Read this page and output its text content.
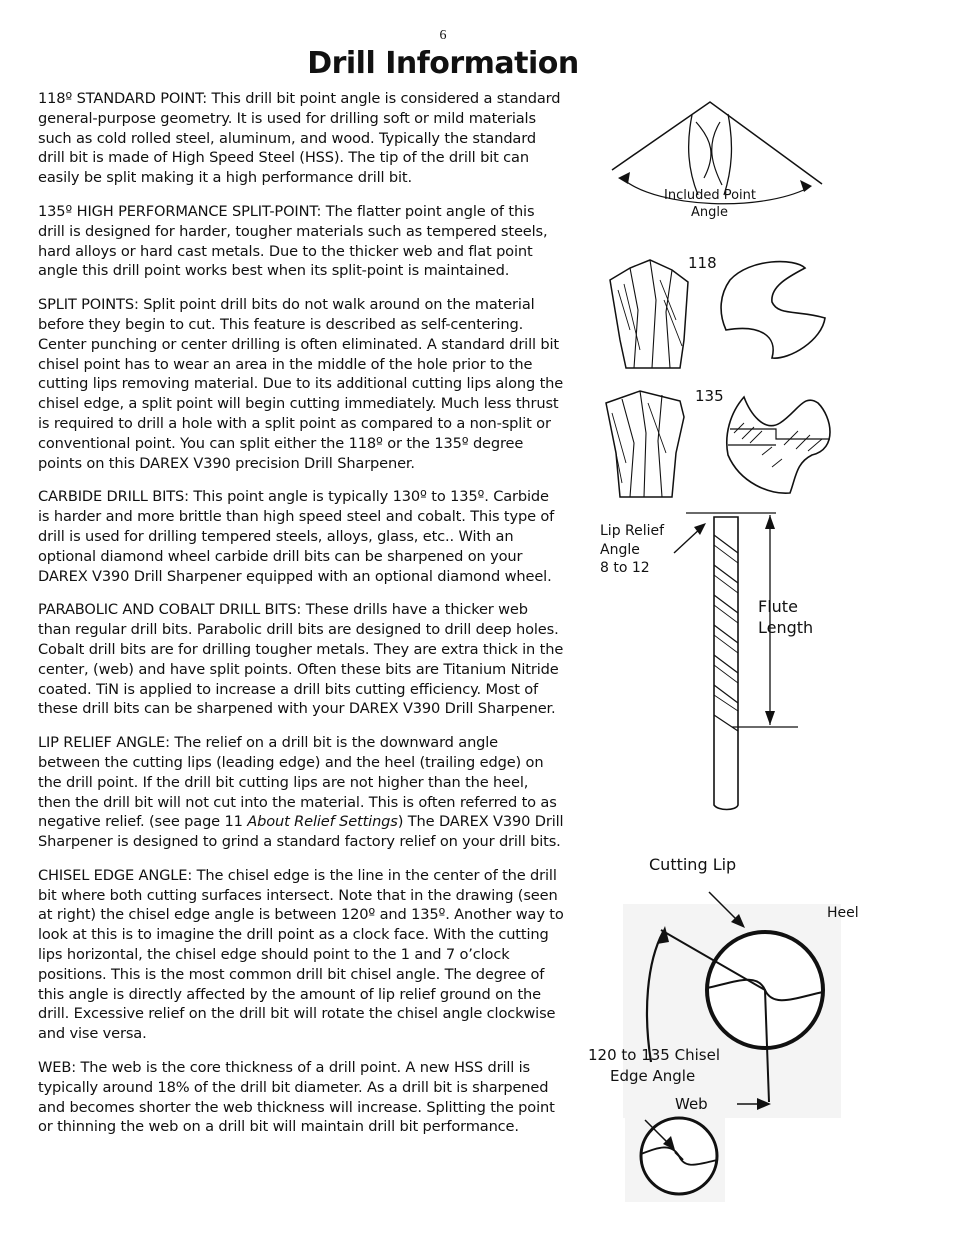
6
Drill Information

118º STANDARD POINT: This drill bit point angle is considered a standard general-purpose geometry. It is used for drilling soft or mild materials such as cold rolled steel, aluminum, and wood. Typically the standard drill bit is made of High Speed Steel (HSS). The tip of the drill bit can easily be split making it a high performance drill bit.

135º HIGH PERFORMANCE SPLIT-POINT: The flatter point angle of this drill is designed for harder, tougher materials such as tempered steels, hard alloys or hard cast metals. Due to the thicker web and flat point angle this drill point works best when its split-point is maintained.

SPLIT POINTS: Split point drill bits do not walk around on the material before they begin to cut. This feature is described as self-centering. Center punching or center drilling is often eliminated. A standard drill bit chisel point has to wear an area in the middle of the hole prior to the cutting lips removing material. Due to its additional cutting lips along the chisel edge, a split point will begin cutting immediately. Much less thrust is required to drill a hole with a split point as compared to a non-split or conventional point. You can split either the 118º or the 135º degree points on this DAREX V390 precision Drill Sharpener.

CARBIDE DRILL BITS: This point angle is typically 130º to 135º. Carbide is harder and more brittle than high speed steel and cobalt. This type of drill is used for drilling tempered steels, alloys, glass, etc.. With an optional diamond wheel carbide drill bits can be sharpened on your DAREX V390 Drill Sharpener equipped with an optional diamond wheel.

PARABOLIC AND COBALT DRILL BITS: These drills have a thicker web than regular drill bits. Parabolic drill bits are designed to drill deep holes. Cobalt drill bits are for drilling tougher metals. They are extra thick in the center, (web) and have split points. Often these bits are Titanium Nitride coated. TiN is applied to increase a drill bits cutting efficiency. Most of these drill bits can be sharpened with your DAREX V390 Drill Sharpener.

LIP RELIEF ANGLE: The relief on a drill bit is the downward angle between the cutting lips (leading edge) and the heel (trailing edge) on the drill point. If the drill bit cutting lips are not higher than the heel, then the drill bit will not cut into the material. This is often referred to as negative relief. (see page 11 About Relief Settings) The DAREX V390 Drill Sharpener is designed to grind a standard factory relief on your drill bits.

CHISEL EDGE ANGLE: The chisel edge is the line in the center of the drill bit where both cutting surfaces intersect. Note that in the drawing (seen at right) the chisel edge angle is between 120º and 135º. Another way to look at this is to imagine the drill point as a clock face. With the cutting lips horizontal, the chisel edge should point to the 1 and 7 o’clock positions. This is the most common drill bit chisel angle. The degree of this angle is directly affected by the amount of lip relief ground on the drill. Excessive relief on the drill bit will rotate the chisel angle clockwise and vise versa.

WEB: The web is the core thickness of a drill point. A new HSS drill is typically around 18% of the drill bit diameter. As a drill bit is sharpened and becomes shorter the web thickness will increase. Splitting the point or thinning the web on a drill bit will maintain drill bit performance.

Included Point
Angle
118
135
Lip Relief
Angle
8 to 12
Flute
Length
Cutting Lip
Heel
120 to 135 Chisel
Edge Angle
Web
